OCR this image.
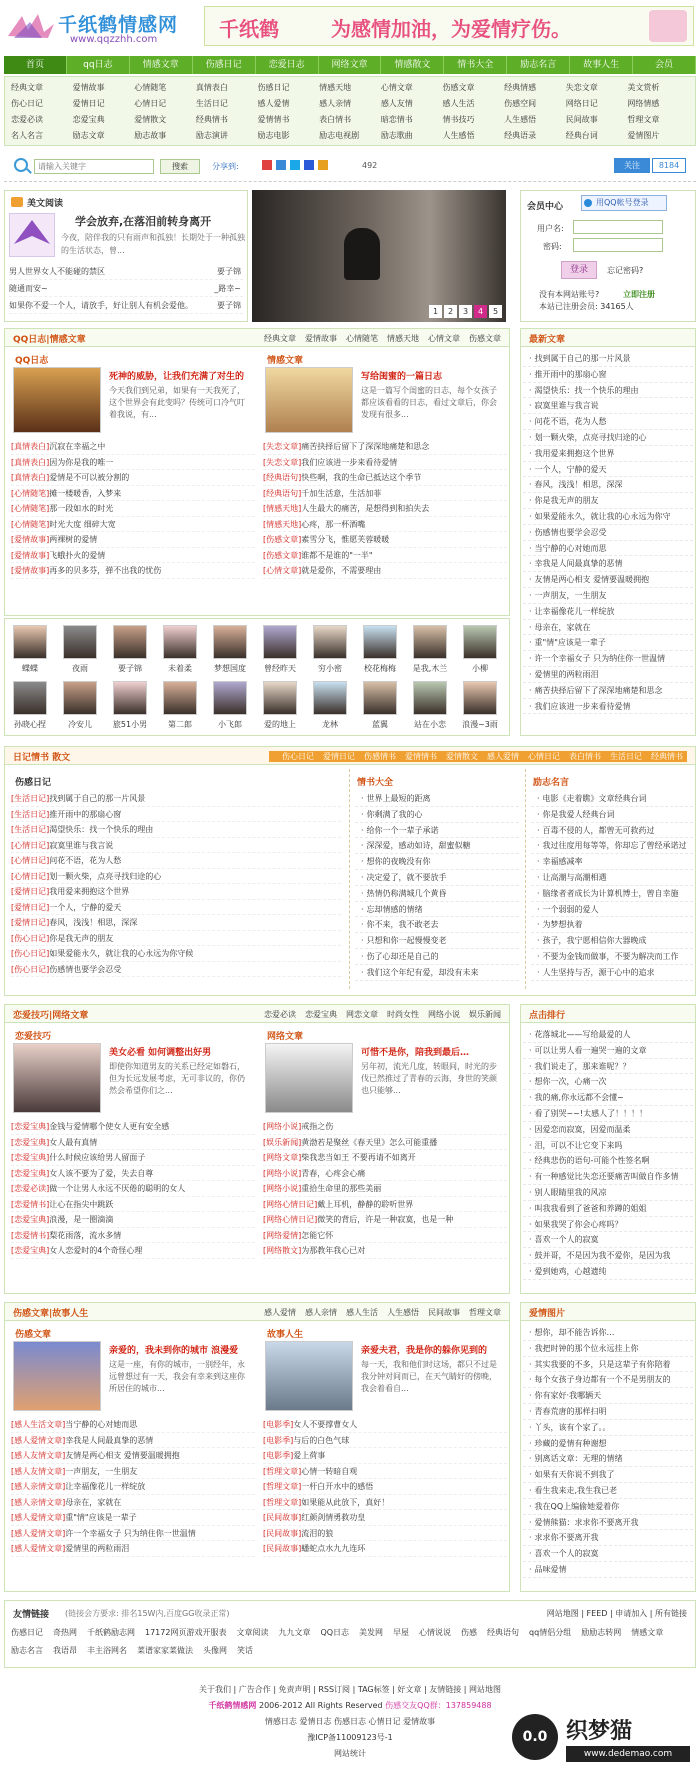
千纸鹤情感网
www.qqzzhh.com	千纸鹤	为感情加油，为爱情疗伤。
首页	qq日志	情感文章	伤感日记	恋爱日志	网络文章	情感散文	情书大全	励志名言	故事人生	会员
经典文章	爱情故事	心情随笔	真情表白	伤感日记	情感天地	心情文章	伤感文章	经典情感	失恋文章	美文赏析
伤心日记	爱情日记	心情日记	生活日记	感人爱情	感人亲情	感人友情	感人生活	伤感空间	网络日记	网络情感
恋爱必读	恋爱宝典	爱情散文	经典情书	爱情情书	表白情书	暗恋情书	情书技巧	人生感悟	民间故事	哲理文章
名人名言	励志文章	励志故事	励志演讲	励志电影	励志电视剧	励志歌曲	人生感悟	经典语录	经典台词	爱情图片
请输入关键字
搜索	分享到:	492	关注	8184
美文阅读
学会放弃,在落泪前转身离开
今夜，陪伴我的只有雨声和孤独！长期处于一种孤独的生活状态，曾...
男人世界女人不能碰的禁区	要子锦
随通而安~	_路幸~
如果你不爱一个人，请放手，好让别人有机会爱他。	要子锦
1	2	3	4	5
会员中心	用QQ帐号登录
用户名:
密码:
登录	忘记密码?
没有本网站账号?	立即注册
本站已注册会员: 34165人
QQ日志|情感文章	经典文章 爱情故事 心情随笔 情感天地 心情文章 伤感文章
QQ日志
死神的威胁，让我们充满了对生的
今天我们到兄弟，如果有一天我死了，这个世界会有此变吗？传统可口冷气叮着我说，有...
[真情表白]沉寂在幸福之中
[真情表白]因为你是我的唯一
[真情表白]爱情是不可以被分割的
[心情随笔]摊一楼暖香，入梦来
[心情随笔]那一段如水的时光
[心情随笔]时光大度 细碎大宽
[爱情故事]两裸树的爱情
[爱情故事]飞蛾扑火的爱情
[爱情故事]再多的贝多芬，弹不出我的忧伤
情感文章
写给闺蜜的一篇日志
这是一篇写个闺蜜的日志，每个女孩子都应该看看的日志，看过文章后，你会发现有很多...
[失恋文章]痛苦抉择后留下了深深地痛楚和思念
[失恋文章]我们应该进一步来看待爱情
[经典语句]快些啊，我的生命已抵达这个季节
[经典语句]千加生活意，生活加菲
[情感天地]人生最大的痛苦，是想得到和拍失去
[情感天地]心疼，那一杯酒嘴
[伤感文章]素雪分飞，惟愿芙蓉暖暖
[伤感文章]谁都不是谁的"一半"
[心情文章]就是爱你，不需要理由
蝶蝶	夜雨	要子锦	未着柔	梦想国度	曾经昨天	穷小密	校花梅梅	是我,木兰	小柳
孙晓心捏	冷安儿	旅51小男	第二郎	小飞郎	爱的地上	龙林	蓝翼	站在小恋	浪漫~3雨
最新文章
· 找到属于自己的那一片风景
· 推开雨中的那扇心窗
· 渴望快乐：找一个快乐的理由
· 寂寞里谁与我言说
· 问花不语，花为人愁
· 划一颗火柴，点亮寻找归途的心
· 我用爱来拥抱这个世界
· 一个人，宁静的爱天
· 春风，浅浅！相思，深深
· 你是我无声的朋友
· 如果爱能永久，就让我的心永远为你守
· 伤感情也要学会忍受
· 当宁静的心对她而思
· 幸我是人间最真挚的恶情
· 友情是两心相支 爱情要温暖拥抱
· 一声朋友，一生朋友
· 让幸福像花儿一样绽放
· 母亲在，家就在
· 重"情"应该是一辈子
· 许一个幸福女子 只为纳住你一世温情
· 爱情里的两粒雨泪
· 痛苦抉择后留下了深深地痛楚和思念
· 我们应该进一步来看待爱情
日记情书 散文	伤心日记 爱情日记 伤感情书 爱情情书 爱情散文 感人爱情 心情日记 表白情书 生活日记 经典情书
伤感日记
[生活日记]找到属于自己的那一片风景
[生活日记]推开雨中的那扇心窗
[生活日记]渴望快乐：找一个快乐的理由
[心情日记]寂寞里谁与我言说
[心情日记]问花不语，花为人愁
[心情日记]划一颗火柴，点亮寻找归途的心
[爱情日记]我用爱来拥抱这个世界
[爱情日记]一个人，宁静的爱天
[爱情日记]春风，浅浅！相思，深深
[伤心日记]你是我无声的朋友
[伤心日记]如果爱能永久，就让我的心永远为你守候
[伤心日记]伤感情也要学会忍受
情书大全
· 世界上最短的距离
· 你剩满了我的心
· 给你一个一辈子承诺
· 深深爱，感动如诗，甜蜜似糖
· 想你的夜晚没有你
· 决定爱了，就不要放手
· 热情仍称满城几个黄昏
· 忘却情感的情绪
· 你不来，我不敢老去
· 只想和你一起慢慢变老
· 伤了心却还是自己的
· 我们这个年纪有爱，却没有未来
励志名言
· 电影《走着瞧》文章经典台词
· 你是我爱人经典台词
· 百毒不侵的人，都曾无可救药过
· 我过往度用每等等，你却忘了曾经承诺过
· 幸福感减率
· 让高潮与高潮相遇
· 脑缘者者成长为计算机博士，曾自幸施
· 一个弱弱的爱人
· 为梦想执着
· 孩子，我宁愿相信你大器晚成
· 不要为金钱而做事，不要为解决而工作
· 人生坚持与否，源于心中的追求
恋爱技巧|网络文章	恋爱必读 恋爱宝典 网恋文章 时尚女性 网络小说 娱乐新闻
恋爱技巧
美女必看 如何调整出好男
即使你知道男友的关系已经定如磐石，但为长远发展考虑，无可非议的，你仍然会希望你们之...
[恋爱宝典]金钱与爱情哪个使女人更有安全感
[恋爱宝典]女人最有真情
[恋爱宝典]什么时候应该给男人留面子
[恋爱宝典]女人该不要为了爱，失去自尊
[恋爱必读]做一个让男人永远不厌倦的聪明的女人
[恋爱情书]让心在指尖中跳跃
[恋爱宝典]浪漫，是一圈滴滴
[恋爱情书]梨花雨落，流水多情
[恋爱宝典]女人恋爱时的4个奇怪心理
网络文章
可惜不是你，陪我到最后…
另年初，流光几度，转眼间，时光的步伐已然推过了青春的云海，身世的笑颜也只能够...
[网络小说]戒指之伤
[娱乐新闻]黄渤若是聚丝《春天里》怎么可能重播
[网络文章]柴我悲当如王 不要再请不如离开
[网络小说]青春，心疼会心痛
[网络小说]重拾生命里的那些美丽
[网络心情日记]戴上耳机，静静的聆听世界
[网络心情日记]微笑的背后，许是一种寂寞，也是一种
[网络爱情]怎能它怀
[网络散文]为那教年我心已对
点击排行
· 花落城北——写给最爱的人
· 可以让男人看一遍哭一遍的文章
· 我们说走了，那来谁呢？？
· 想你一次，心痛一次
· 我的痛,你永远都不会懂~
· 看了别哭~~!太感人了！！！！
· 因爱恋而寂寞，因爱而温柔
· 泪，可以不让它变下来吗
· 经典悲伤的语句-可能个性签名啊
· 有一种感觉比失恋还要痛苦叫做自作多情
· 别人眼睛里我的风凉
· 叫我我看到了爸爸和养蹲的姐姐
· 如果我哭了你会心疼吗？
· 喜欢一个人的寂寞
· 鼓并哥，不是因为我不爱你，是因为我
· 爱到她鸡，心越遗纯
伤感文章|故事人生	感人爱情 感人亲情 感人生活 人生感悟 民间故事 哲理文章
伤感文章
亲爱的，我未到你的城市 浪漫爱
这是一座，有你的城市，一别经年，永远曾想过有一天，我会有幸来到这座你所居住的城市...
[感人生活文章]当宁静的心对她而思
[感人爱情文章]幸我是人间最真挚的恶情
[感人友情文章]友情是两心相支 爱情要温暖拥抱
[感人友情文章]一声朋友，一生朋友
[感人亲情文章]让幸福像花儿一样绽放
[感人亲情文章]母亲在，家就在
[感人爱情文章]重"情"应该是一辈子
[感人爱情文章]许一个幸福女子 只为纳住你一世温情
[感人爱情文章]爱情里的两粒雨泪
故事人生
亲爱夫君，我是你的躲你见到的
每一天，我和他们时这场，都只不过是我分钟对间而已，在天气睛好的傍晚，我会着看自...
[电影季]女人不要撑曹女人
[电影季]与后的白色气球
[电影季]爱上荷事
[哲理文章]心情一转暗自观
[哲理文章]一杆白开水中的感悟
[哲理文章]如果能从此放下，真好！
[民间故事]红颜剑情勇救功皇
[民间故事]流泪的狼
[民间故事]蟠蛇点水九九连环
爱情图片
· 想你，却不能告诉你…
· 我把时钟的那个位永远挂上你
· 其实我要的不多，只是这辈子有你陪着
· 每个女孩子身边都有一个不是男朋友的
· 你有家好·我哪辆天
· 青春荒唐的那样扫明
· 丫头，该有个家了。。
· 珍藏的爱情有种谢想
· 别离话文章：无理的情绪
· 如果有天你说不到我了
· 看生我来走,我生我已老
· 我在QQ上编偷她爱着你
· 爱情熊猫：求求你不要离开我
· 求求你不要离开我
· 喜欢一个人的寂寞
· 品味爱情
友情链接 (链接会方要求: 排名15W内,百度GG收录正常)	网站地图 | FEED | 申请加入 | 所有链接
伤感日记 奇热网 千纸鹤励志网 17172网页游戏开服表 文章阅读 九九文章 QQ日志 美发网 早屋 心情说说 伤感 经典语句 qq情侣分组 励励志转网 情感文章
励志名言 我语昂 丰主浴网名 菜谱家家菜做法 头像网 笑话
关于我们 | 广告合作 | 免责声明 | RSS订阅 | TAG标签 | 好文章 | 友情链接 | 网站地图
千纸鹤情感网 2006-2012 All Rights Reserved 伤感交友QQ群：137859488
情感日志 爱情日志 伤感日志 心情日记 爱情故事
豫ICP备11009123号-1
网站统计
0.0 织梦猫
www.dedemao.com
